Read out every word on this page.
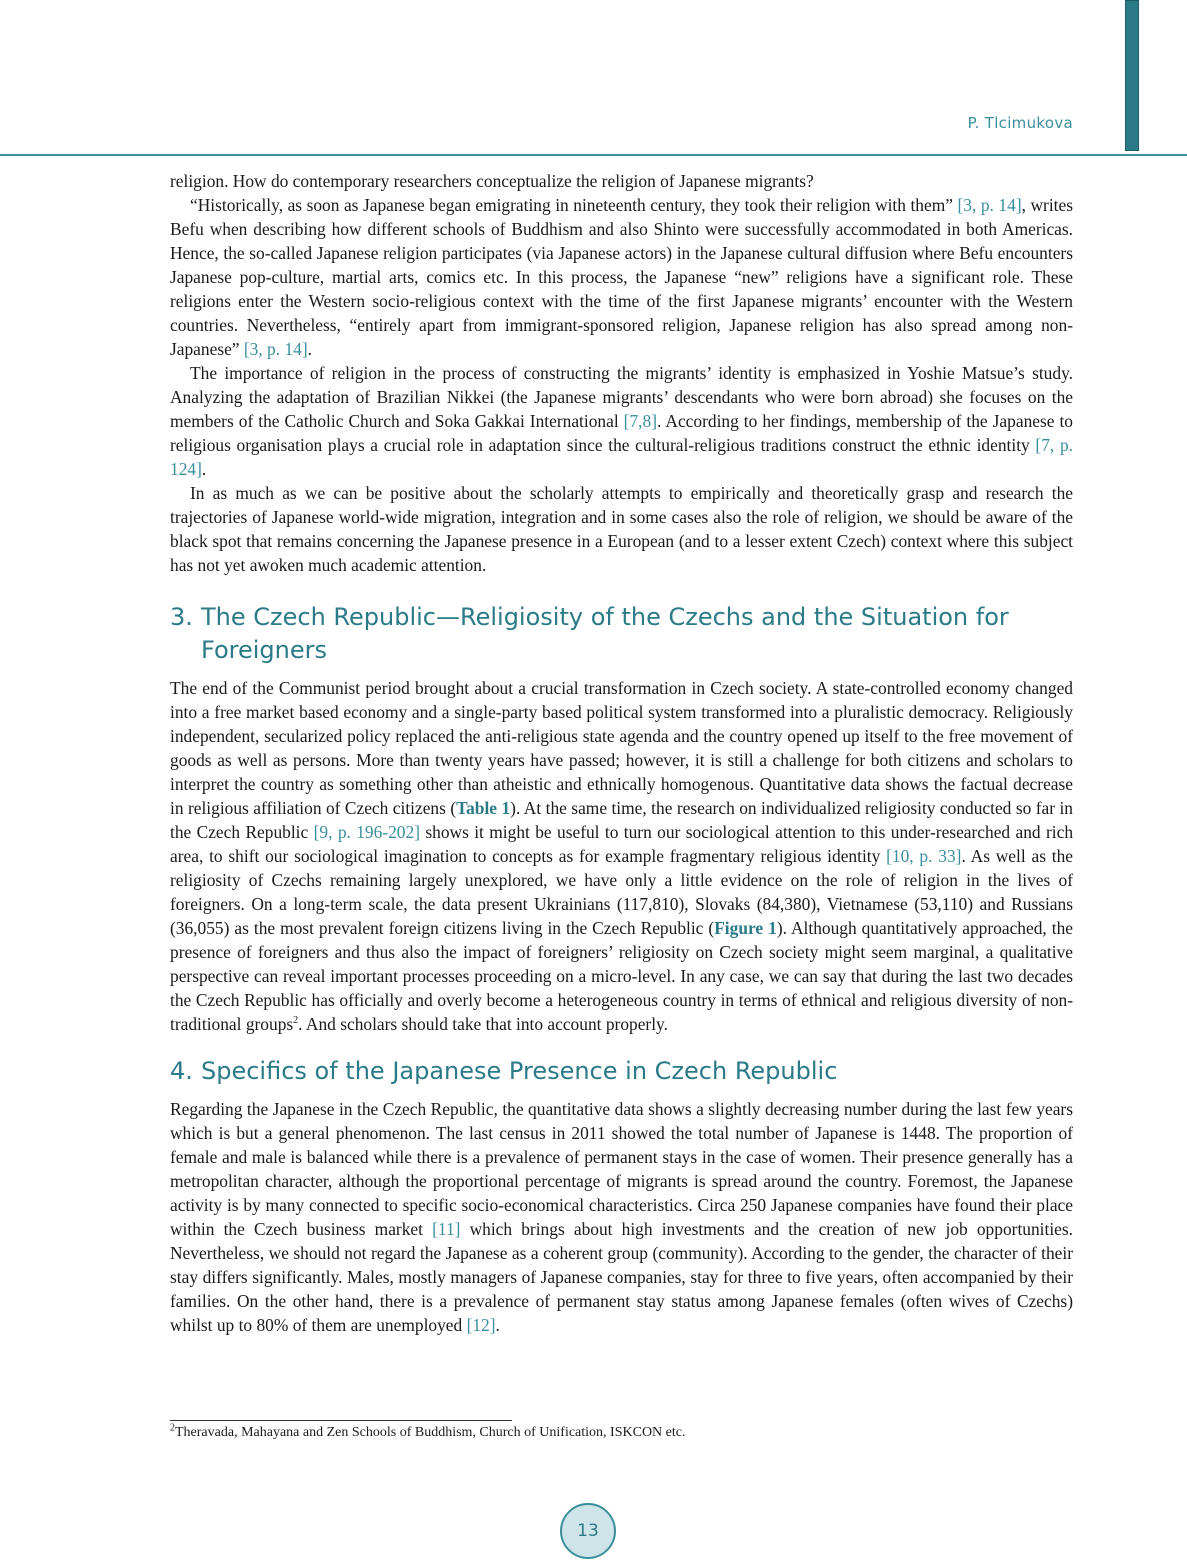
P. Tlcimukova

religion. How do contemporary researchers conceptualize the religion of Japanese migrants?

“Historically, as soon as Japanese began emigrating in nineteenth century, they took their religion with them” [3, p. 14], writes Befu when describing how different schools of Buddhism and also Shinto were successfully accommodated in both Americas. Hence, the so-called Japanese religion participates (via Japanese actors) in the Japanese cultural diffusion where Befu encounters Japanese pop-culture, martial arts, comics etc. In this process, the Japanese “new” religions have a significant role. These religions enter the Western socio-religious context with the time of the first Japanese migrants’ encounter with the Western countries. Nevertheless, “entirely apart from immigrant-sponsored religion, Japanese religion has also spread among non-Japanese” [3, p. 14].

The importance of religion in the process of constructing the migrants’ identity is emphasized in Yoshie Matsue’s study. Analyzing the adaptation of Brazilian Nikkei (the Japanese migrants’ descendants who were born abroad) she focuses on the members of the Catholic Church and Soka Gakkai International [7,8]. According to her findings, membership of the Japanese to religious organisation plays a crucial role in adaptation since the cultural-religious traditions construct the ethnic identity [7, p. 124].

In as much as we can be positive about the scholarly attempts to empirically and theoretically grasp and research the trajectories of Japanese world-wide migration, integration and in some cases also the role of religion, we should be aware of the black spot that remains concerning the Japanese presence in a European (and to a lesser extent Czech) context where this subject has not yet awoken much academic attention.

3. The Czech Republic—Religiosity of the Czechs and the Situation for Foreigners

The end of the Communist period brought about a crucial transformation in Czech society. A state-controlled economy changed into a free market based economy and a single-party based political system transformed into a pluralistic democracy. Religiously independent, secularized policy replaced the anti-religious state agenda and the country opened up itself to the free movement of goods as well as persons. More than twenty years have passed; however, it is still a challenge for both citizens and scholars to interpret the country as something other than atheistic and ethnically homogenous. Quantitative data shows the factual decrease in religious affiliation of Czech citizens (Table 1). At the same time, the research on individualized religiosity conducted so far in the Czech Republic [9, p. 196-202] shows it might be useful to turn our sociological attention to this under-researched and rich area, to shift our sociological imagination to concepts as for example fragmentary religious identity [10, p. 33]. As well as the religiosity of Czechs remaining largely unexplored, we have only a little evidence on the role of religion in the lives of foreigners. On a long-term scale, the data present Ukrainians (117,810), Slovaks (84,380), Vietnamese (53,110) and Russians (36,055) as the most prevalent foreign citizens living in the Czech Republic (Figure 1). Although quantitatively approached, the presence of foreigners and thus also the impact of foreigners’ religiosity on Czech society might seem marginal, a qualitative perspective can reveal important processes proceeding on a micro-level. In any case, we can say that during the last two decades the Czech Republic has officially and overly become a heterogeneous country in terms of ethnical and religious diversity of non-traditional groups$^2$. And scholars should take that into account properly.

4. Specifics of the Japanese Presence in Czech Republic

Regarding the Japanese in the Czech Republic, the quantitative data shows a slightly decreasing number during the last few years which is but a general phenomenon. The last census in 2011 showed the total number of Japanese is 1448. The proportion of female and male is balanced while there is a prevalence of permanent stays in the case of women. Their presence generally has a metropolitan character, although the proportional percentage of migrants is spread around the country. Foremost, the Japanese activity is by many connected to specific socio-economical characteristics. Circa 250 Japanese companies have found their place within the Czech business market [11] which brings about high investments and the creation of new job opportunities. Nevertheless, we should not regard the Japanese as a coherent group (community). According to the gender, the character of their stay differs significantly. Males, mostly managers of Japanese companies, stay for three to five years, often accompanied by their families. On the other hand, there is a prevalence of permanent stay status among Japanese females (often wives of Czechs) whilst up to 80% of them are unemployed [12].

$^2$Theravada, Mahayana and Zen Schools of Buddhism, Church of Unification, ISKCON etc.
13
